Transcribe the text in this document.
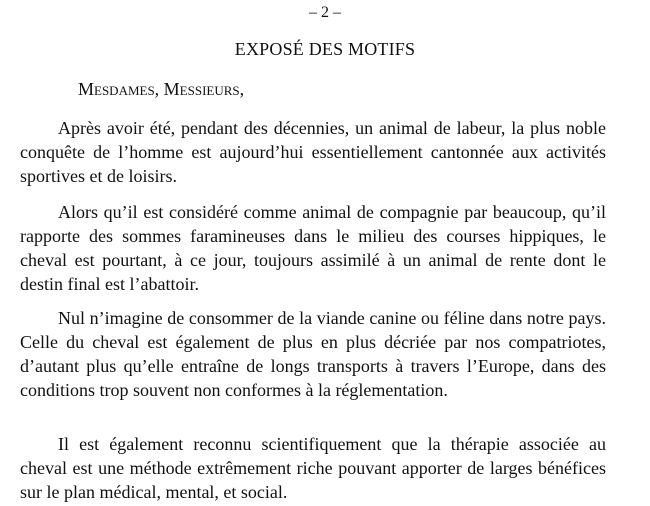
– 2 –
EXPOSÉ DES MOTIFS
Mesdames, Messieurs,

Après avoir été, pendant des décennies, un animal de labeur, la plus noble conquête de l’homme est aujourd’hui essentiellement cantonnée aux activités sportives et de loisirs.

Alors qu’il est considéré comme animal de compagnie par beaucoup, qu’il rapporte des sommes faramineuses dans le milieu des courses hippiques, le cheval est pourtant, à ce jour, toujours assimilé à un animal de rente dont le destin final est l’abattoir.

Nul n’imagine de consommer de la viande canine ou féline dans notre pays. Celle du cheval est également de plus en plus décriée par nos compatriotes, d’autant plus qu’elle entraîne de longs transports à travers l’Europe, dans des conditions trop souvent non conformes à la réglementation.

Il est également reconnu scientifiquement que la thérapie associée au cheval est une méthode extrêmement riche pouvant apporter de larges bénéfices sur le plan médical, mental, et social.
